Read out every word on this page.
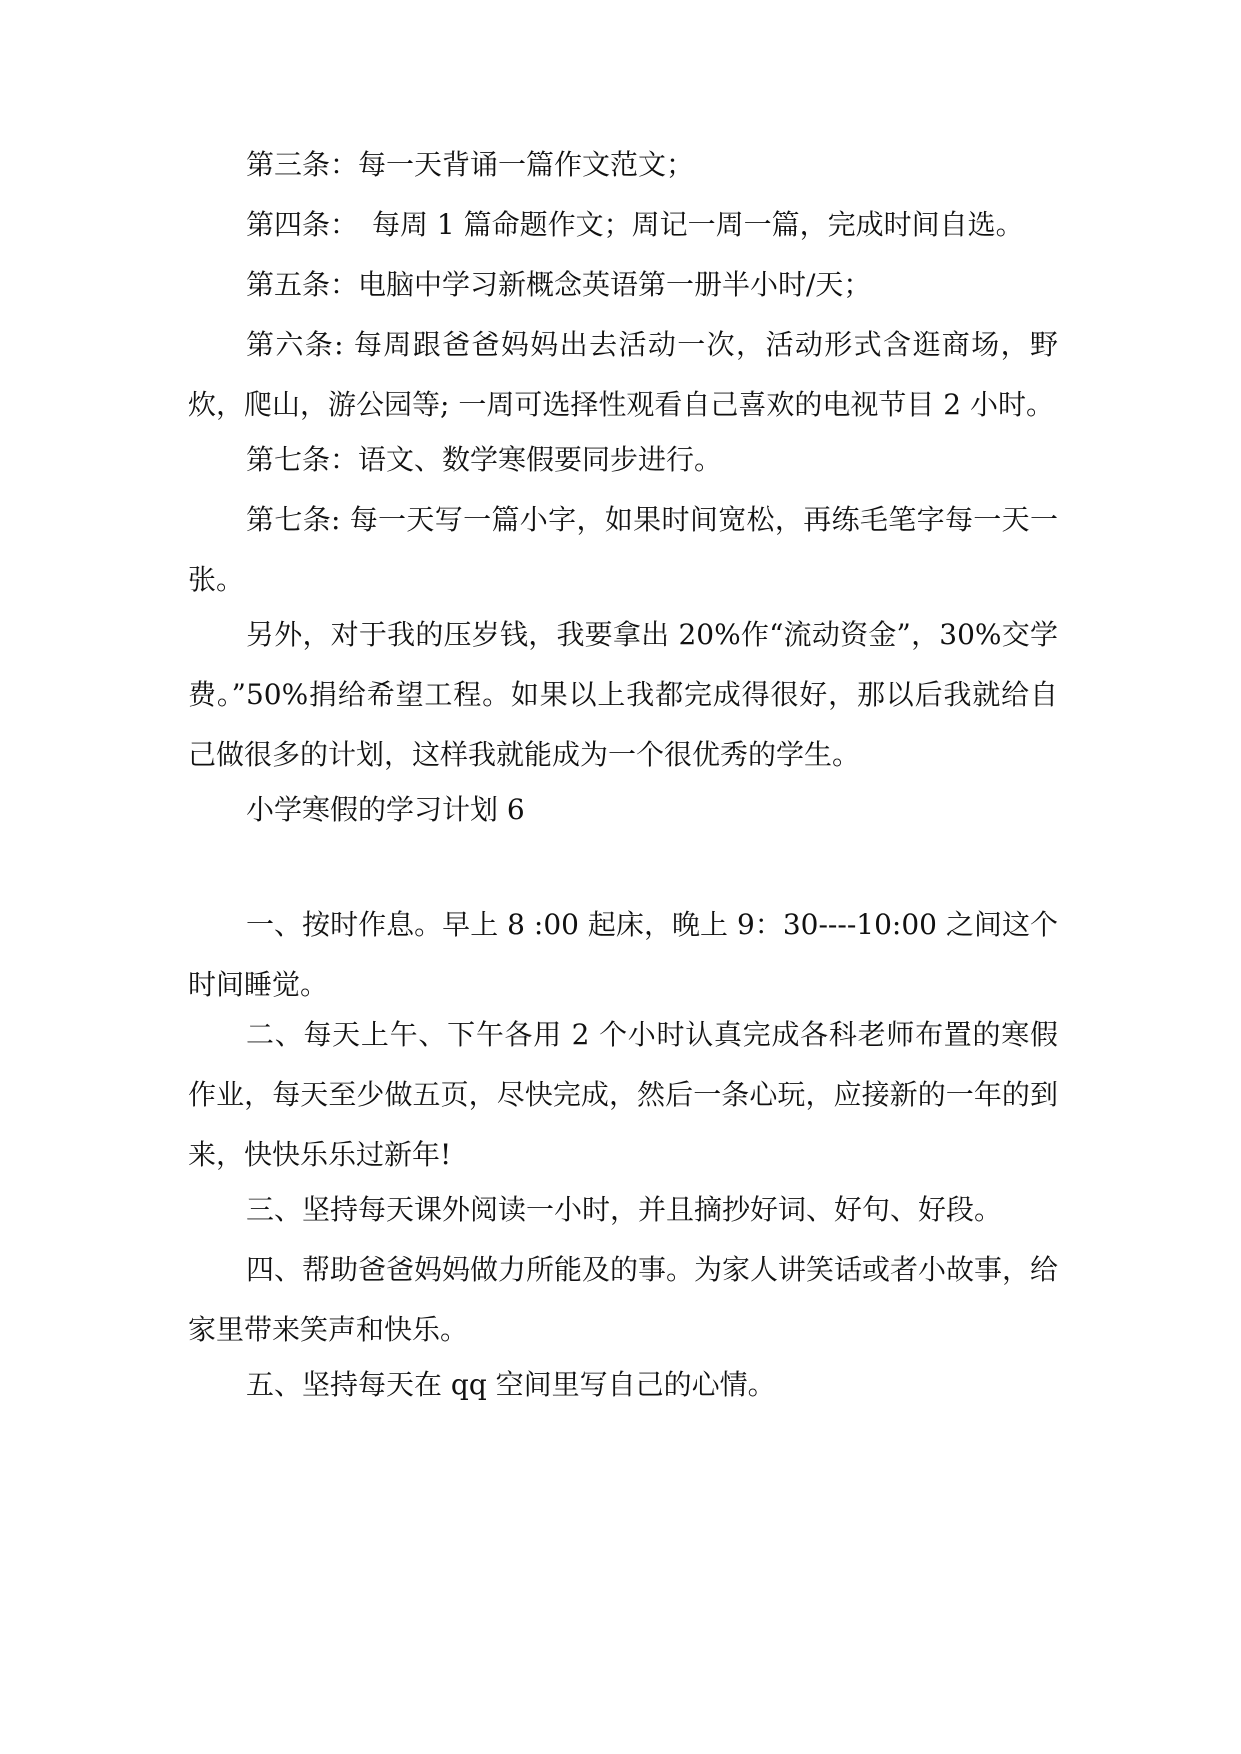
第三条：每一天背诵一篇作文范文；

第四条：　每周 1 篇命题作文；周记一周一篇，完成时间自选。

第五条：电脑中学习新概念英语第一册半小时/天；

第六条: 每周跟爸爸妈妈出去活动一次，活动形式含逛商场，野炊，爬山，游公园等; 一周可选择性观看自己喜欢的电视节目 2 小时。

第七条：语文、数学寒假要同步进行。

第七条: 每一天写一篇小字，如果时间宽松，再练毛笔字每一天一张。

另外，对于我的压岁钱，我要拿出 20%作“流动资金”，30%交学费。”50%捐给希望工程。如果以上我都完成得很好，那以后我就给自己做很多的计划，这样我就能成为一个很优秀的学生。

小学寒假的学习计划 6

一、按时作息。早上 8 :00 起床，晚上 9：30----10:00 之间这个时间睡觉。

二、每天上午、下午各用 2 个小时认真完成各科老师布置的寒假作业，每天至少做五页，尽快完成，然后一条心玩，应接新的一年的到来，快快乐乐过新年!

三、坚持每天课外阅读一小时，并且摘抄好词、好句、好段。

四、帮助爸爸妈妈做力所能及的事。为家人讲笑话或者小故事，给家里带来笑声和快乐。

五、坚持每天在 qq 空间里写自己的心情。
